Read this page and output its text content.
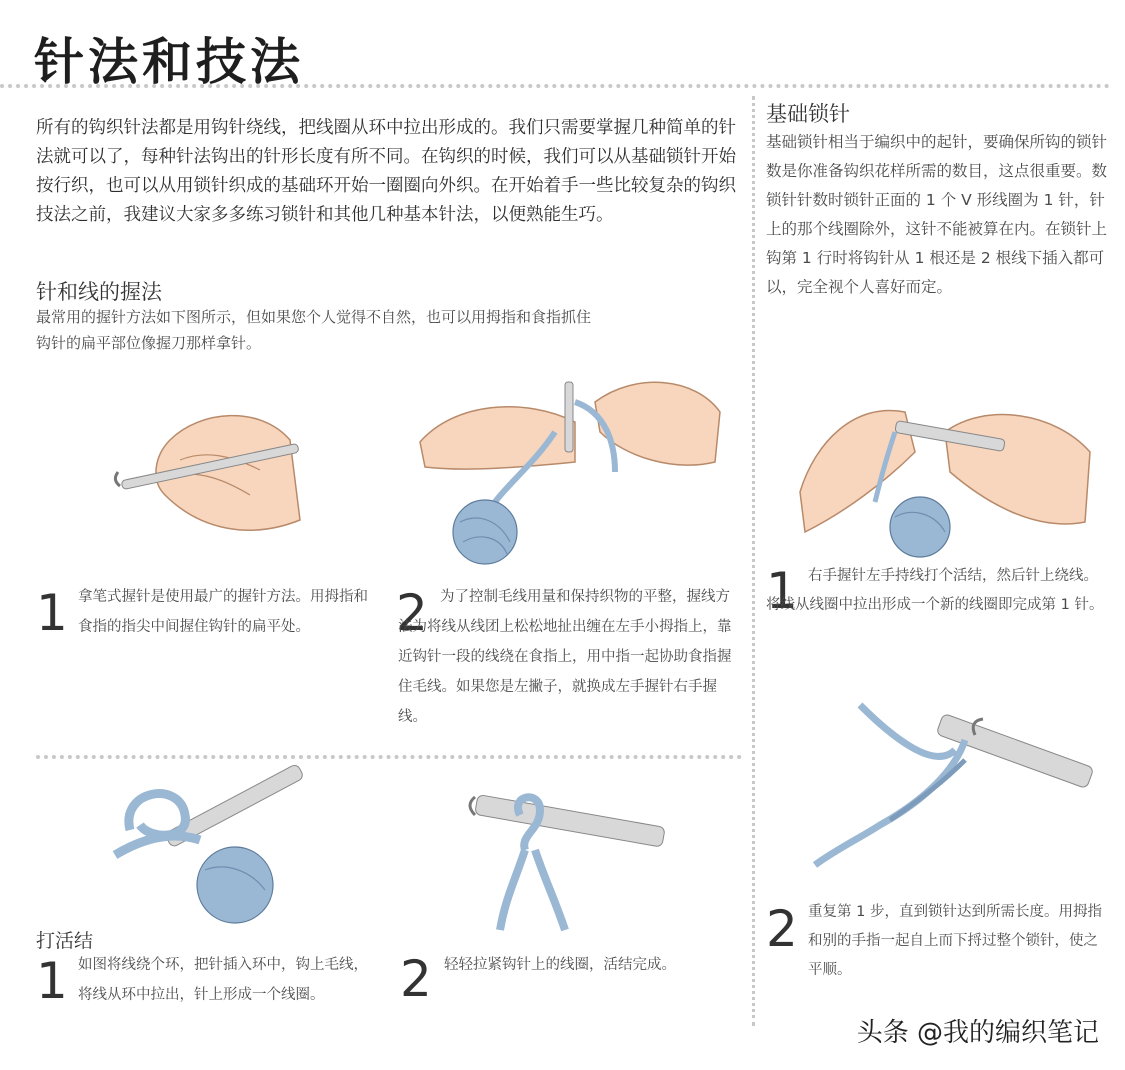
针法和技法

所有的钩织针法都是用钩针绕线，把线圈从环中拉出形成的。我们只需要掌握几种简单的针法就可以了，每种针法钩出的针形长度有所不同。在钩织的时候，我们可以从基础锁针开始按行织，也可以从用锁针织成的基础环开始一圈圈向外织。在开始着手一些比较复杂的钩织技法之前，我建议大家多多练习锁针和其他几种基本针法，以便熟能生巧。

针和线的握法

最常用的握针方法如下图所示，但如果您个人觉得不自然，也可以用拇指和食指抓住钩针的扁平部位像握刀那样拿针。

1 拿笔式握针是使用最广的握针方法。用拇指和食指的指尖中间握住钩针的扁平处。	2 为了控制毛线用量和保持织物的平整，握线方法为将线从线团上松松地扯出缠在左手小拇指上，靠近钩针一段的线绕在食指上，用中指一起协助食指握住毛线。如果您是左撇子，就换成左手握针右手握线。

打活结
1 如图将线绕个环，把针插入环中，钩上毛线，将线从环中拉出，针上形成一个线圈。	2 轻轻拉紧钩针上的线圈，活结完成。

基础锁针

基础锁针相当于编织中的起针，要确保所钩的锁针数是你准备钩织花样所需的数目，这点很重要。数锁针针数时锁针正面的 1 个 V 形线圈为 1 针，针上的那个线圈除外，这针不能被算在内。在锁针上钩第 1 行时将钩针从 1 根还是 2 根线下插入都可以，完全视个人喜好而定。

1 右手握针左手持线打个活结，然后针上绕线。将线从线圈中拉出形成一个新的线圈即完成第 1 针。

2 重复第 1 步，直到锁针达到所需长度。用拇指和别的手指一起自上而下捋过整个锁针，使之平顺。

头条 @我的编织笔记
